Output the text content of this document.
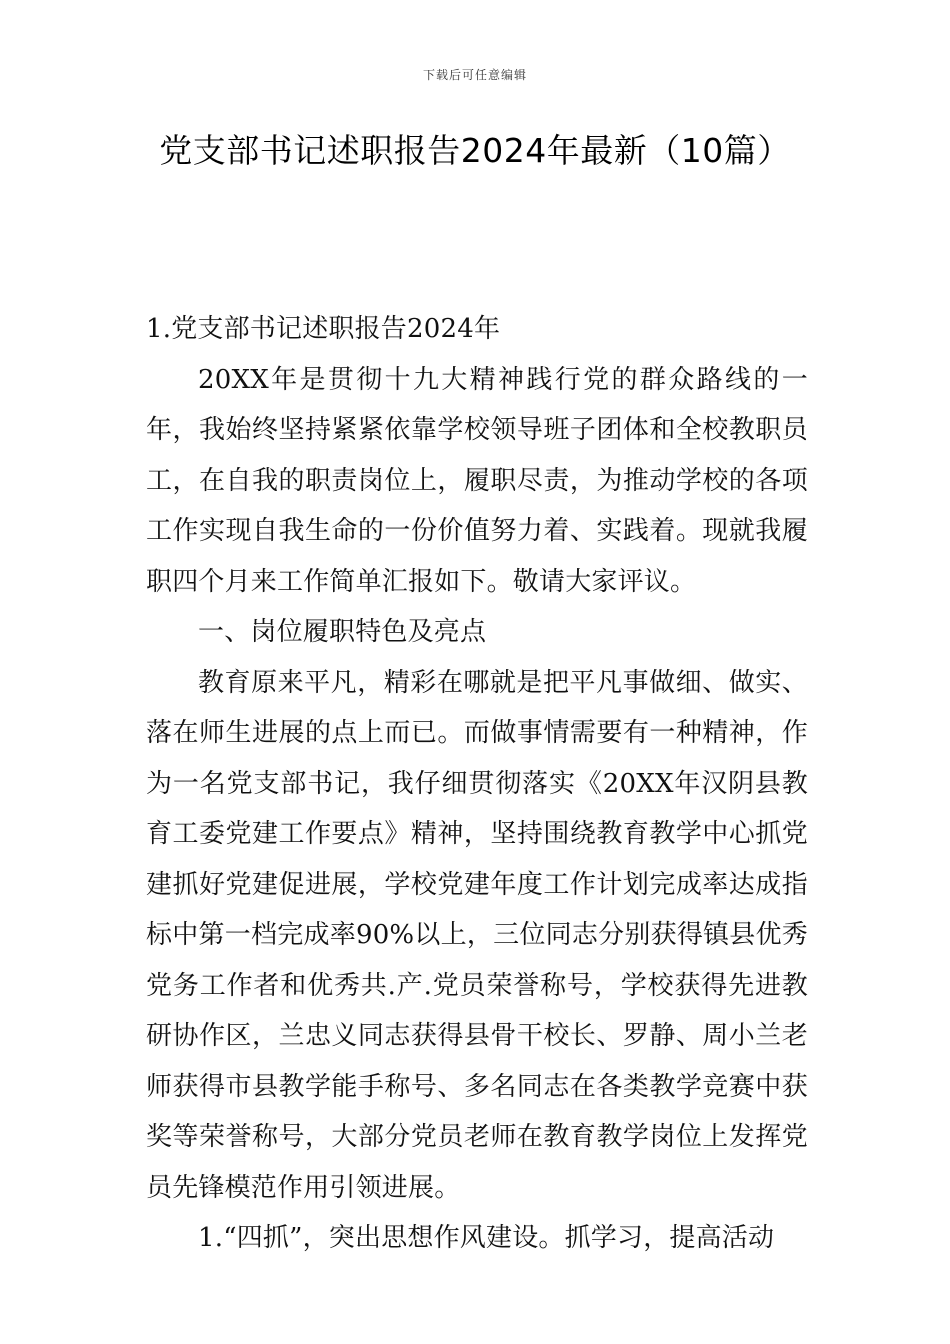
下载后可任意编辑
党支部书记述职报告2024年最新（10篇）

1.党支部书记述职报告2024年

20XX年是贯彻十九大精神践行党的群众路线的一年，我始终坚持紧紧依靠学校领导班子团体和全校教职员工，在自我的职责岗位上，履职尽责，为推动学校的各项工作实现自我生命的一份价值努力着、实践着。现就我履职四个月来工作简单汇报如下。敬请大家评议。

一、岗位履职特色及亮点

教育原来平凡，精彩在哪就是把平凡事做细、做实、落在师生进展的点上而已。而做事情需要有一种精神，作为一名党支部书记，我仔细贯彻落实《20XX年汉阴县教育工委党建工作要点》精神，坚持围绕教育教学中心抓党建抓好党建促进展，学校党建年度工作计划完成率达成指标中第一档完成率90%以上，三位同志分别获得镇县优秀党务工作者和优秀共.产.党员荣誉称号，学校获得先进教研协作区，兰忠义同志获得县骨干校长、罗静、周小兰老师获得市县教学能手称号、多名同志在各类教学竞赛中获奖等荣誉称号，大部分党员老师在教育教学岗位上发挥党员先锋模范作用引领进展。

1.“四抓”，突出思想作风建设。抓学习，提高活动
